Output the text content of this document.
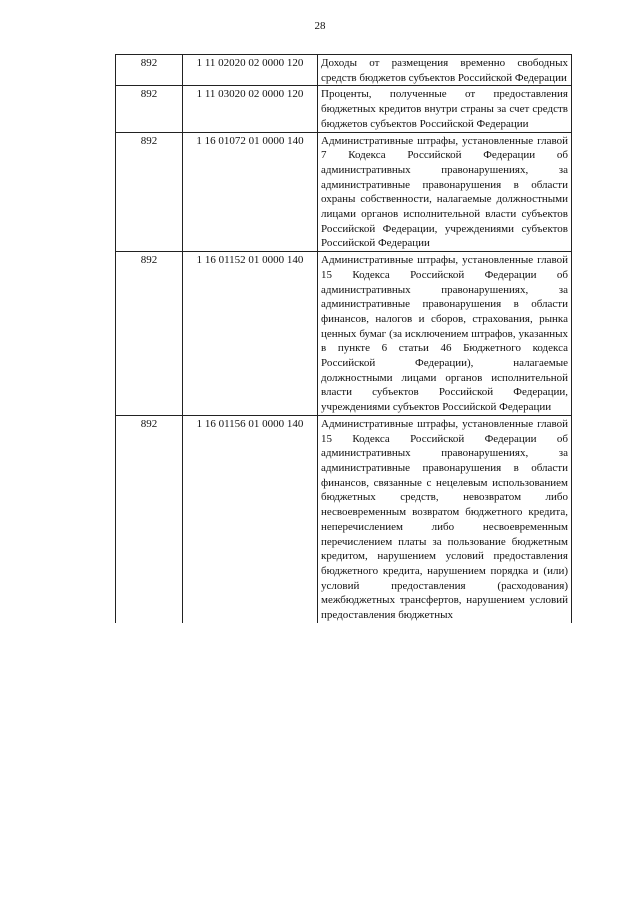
28
892	1 11 02020 02 0000 120	Доходы от размещения временно свободных средств бюджетов субъектов Российской Федерации
892	1 11 03020 02 0000 120	Проценты, полученные от предоставления бюджетных кредитов внутри страны за счет средств бюджетов субъектов Российской Федерации
892	1 16 01072 01 0000 140	Административные штрафы, установленные главой 7 Кодекса Российской Федерации об административных правонарушениях, за административные правонарушения в области охраны собственности, налагаемые должностными лицами органов исполнительной власти субъектов Российской Федерации, учреждениями субъектов Российской Федерации
892	1 16 01152 01 0000 140	Административные штрафы, установленные главой 15 Кодекса Российской Федерации об административных правонарушениях, за административные правонарушения в области финансов, налогов и сборов, страхования, рынка ценных бумаг (за исключением штрафов, указанных в пункте 6 статьи 46 Бюджетного кодекса Российской Федерации), налагаемые должностными лицами органов исполнительной власти субъектов Российской Федерации, учреждениями субъектов Российской Федерации
892	1 16 01156 01 0000 140	Административные штрафы, установленные главой 15 Кодекса Российской Федерации об административных правонарушениях, за административные правонарушения в области финансов, связанные с нецелевым использованием бюджетных средств, невозвратом либо несвоевременным возвратом бюджетного кредита, неперечислением либо несвоевременным перечислением платы за пользование бюджетным кредитом, нарушением условий предоставления бюджетного кредита, нарушением порядка и (или) условий предоставления (расходования) межбюджетных трансфертов, нарушением условий предоставления бюджетных
